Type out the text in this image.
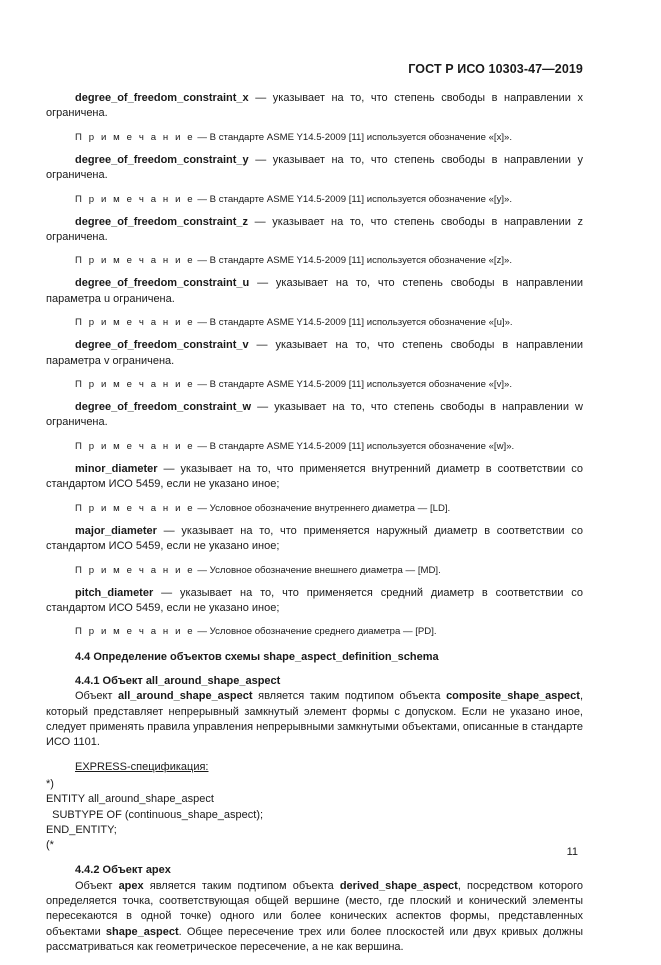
ГОСТ Р ИСО 10303-47—2019

degree_of_freedom_constraint_x — указывает на то, что степень свободы в направлении x ограничена.

П р и м е ч а н и е — В стандарте ASME Y14.5-2009 [11] используется обозначение «[x]».

degree_of_freedom_constraint_y — указывает на то, что степень свободы в направлении y ограничена.

П р и м е ч а н и е — В стандарте ASME Y14.5-2009 [11] используется обозначение «[y]».

degree_of_freedom_constraint_z — указывает на то, что степень свободы в направлении z ограничена.

П р и м е ч а н и е — В стандарте ASME Y14.5-2009 [11] используется обозначение «[z]».

degree_of_freedom_constraint_u — указывает на то, что степень свободы в направлении параметра u ограничена.

П р и м е ч а н и е — В стандарте ASME Y14.5-2009 [11] используется обозначение «[u]».

degree_of_freedom_constraint_v — указывает на то, что степень свободы в направлении параметра v ограничена.

П р и м е ч а н и е — В стандарте ASME Y14.5-2009 [11] используется обозначение «[v]».

degree_of_freedom_constraint_w — указывает на то, что степень свободы в направлении w ограничена.

П р и м е ч а н и е — В стандарте ASME Y14.5-2009 [11] используется обозначение «[w]».

minor_diameter — указывает на то, что применяется внутренний диаметр в соответствии со стандартом ИСО 5459, если не указано иное;

П р и м е ч а н и е — Условное обозначение внутреннего диаметра — [LD].

major_diameter — указывает на то, что применяется наружный диаметр в соответствии со стандартом ИСО 5459, если не указано иное;

П р и м е ч а н и е — Условное обозначение внешнего диаметра — [MD].

pitch_diameter — указывает на то, что применяется средний диаметр в соответствии со стандартом ИСО 5459, если не указано иное;

П р и м е ч а н и е — Условное обозначение среднего диаметра — [PD].

4.4 Определение объектов схемы shape_aspect_definition_schema

4.4.1 Объект all_around_shape_aspect

Объект all_around_shape_aspect является таким подтипом объекта composite_shape_aspect, который представляет непрерывный замкнутый элемент формы с допуском. Если не указано иное, следует применять правила управления непрерывными замкнутыми объектами, описанные в стандарте ИСО 1101.

EXPRESS-спецификация:

*)

ENTITY all_around_shape_aspect

SUBTYPE OF (continuous_shape_aspect);

END_ENTITY;

(*

4.4.2 Объект apex

Объект apex является таким подтипом объекта derived_shape_aspect, посредством которого определяется точка, соответствующая общей вершине (место, где плоский и конический элементы пересекаются в одной точке) одного или более конических аспектов формы, представленных объектами shape_aspect. Общее пересечение трех или более плоскостей или двух кривых должны рассматриваться как геометрическое пересечение, а не как вершина.

11
